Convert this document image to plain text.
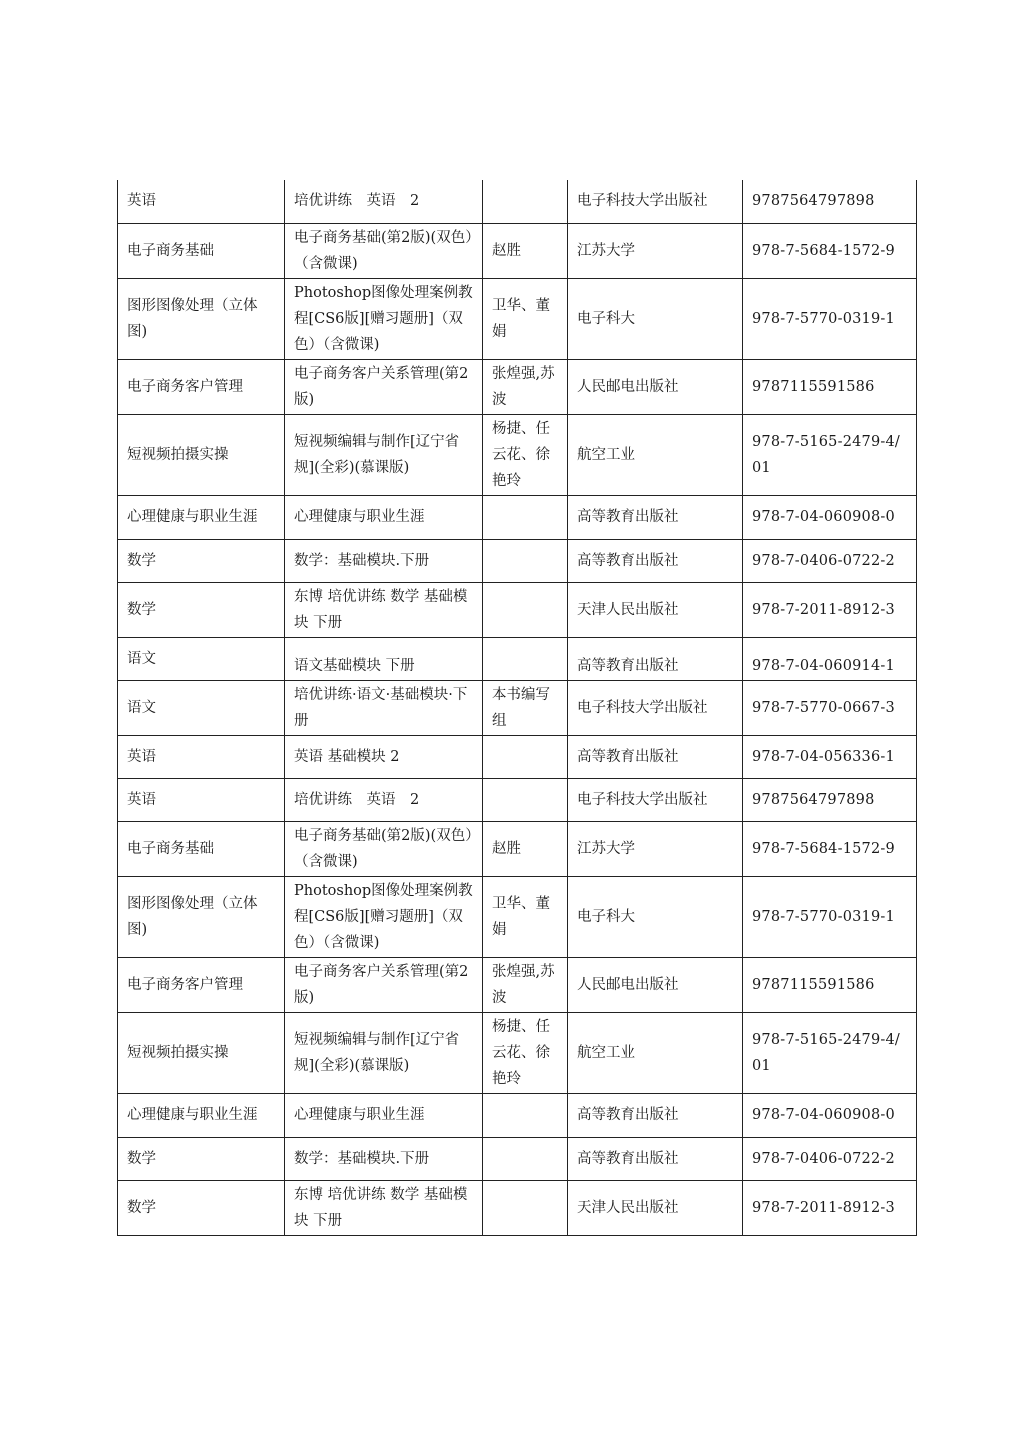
英语	培优讲练　英语　2		电子科技大学出版社	9787564797898
电子商务基础	电子商务基础(第2版)(双色）（含微课)	赵胜	江苏大学	978-7-5684-1572-9
图形图像处理（立体图)	Photoshop图像处理案例教程[CS6版][赠习题册]（双色）（含微课)	卫华、董娟	电子科大	978-7-5770-0319-1
电子商务客户管理	电子商务客户关系管理(第2版)	张煌强,苏波	人民邮电出版社	9787115591586
短视频拍摄实操	短视频编辑与制作[辽宁省规](全彩)(慕课版)	杨捷、任云花、徐艳玲	航空工业	978-7-5165-2479-4/01
心理健康与职业生涯	心理健康与职业生涯		高等教育出版社	978-7-04-060908-0
数学	数学：基础模块.下册		高等教育出版社	978-7-0406-0722-2
数学	东博 培优讲练 数学 基础模块 下册		天津人民出版社	978-7-2011-8912-3
语文	语文基础模块 下册		高等教育出版社	978-7-04-060914-1
语文	培优讲练·语文·基础模块·下册	本书编写组	电子科技大学出版社	978-7-5770-0667-3
英语	英语 基础模块 2		高等教育出版社	978-7-04-056336-1
英语	培优讲练　英语　2		电子科技大学出版社	9787564797898
电子商务基础	电子商务基础(第2版)(双色）（含微课)	赵胜	江苏大学	978-7-5684-1572-9
图形图像处理（立体图)	Photoshop图像处理案例教程[CS6版][赠习题册]（双色）（含微课)	卫华、董娟	电子科大	978-7-5770-0319-1
电子商务客户管理	电子商务客户关系管理(第2版)	张煌强,苏波	人民邮电出版社	9787115591586
短视频拍摄实操	短视频编辑与制作[辽宁省规](全彩)(慕课版)	杨捷、任云花、徐艳玲	航空工业	978-7-5165-2479-4/01
心理健康与职业生涯	心理健康与职业生涯		高等教育出版社	978-7-04-060908-0
数学	数学：基础模块.下册		高等教育出版社	978-7-0406-0722-2
数学	东博 培优讲练 数学 基础模块 下册		天津人民出版社	978-7-2011-8912-3
